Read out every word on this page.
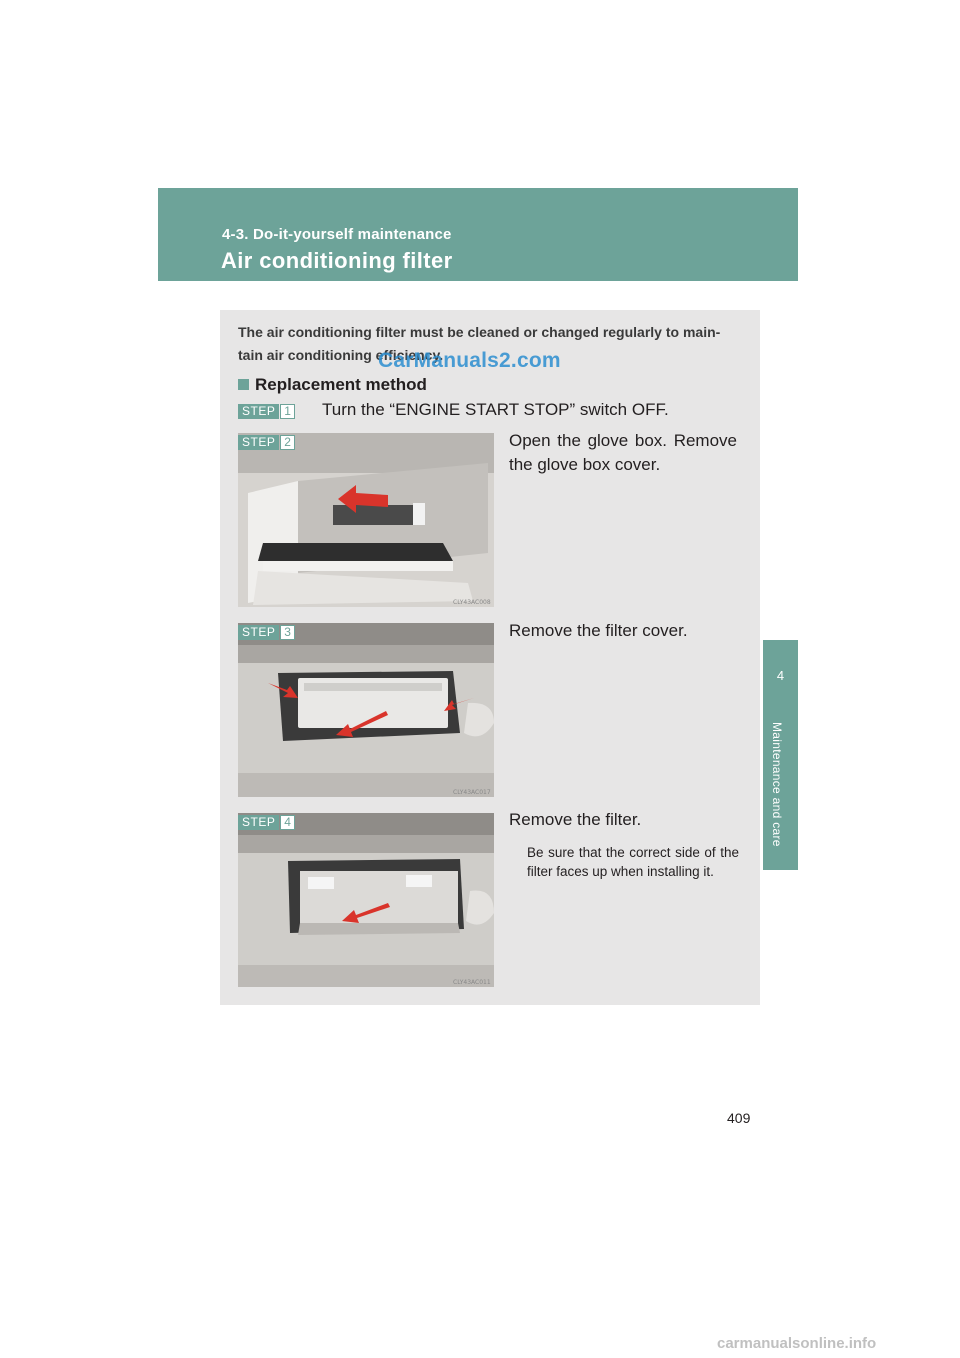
4-3. Do-it-yourself maintenance
Air conditioning filter
4
Maintenance and care
The air conditioning filter must be cleaned or changed regularly to main-tain air conditioning efficiency.
Replacement method
STEP 1 Turn the “ENGINE START STOP” switch OFF.
CLY43AC008
STEP 2	Open the glove box. Remove the glove box cover.
CLY43AC017
STEP 3	Remove the filter cover.
CLY43AC011
STEP 4	Remove the filter.
Be sure that the correct side of the filter faces up when installing it.
CarManuals2.com
409
carmanualsonline.info
